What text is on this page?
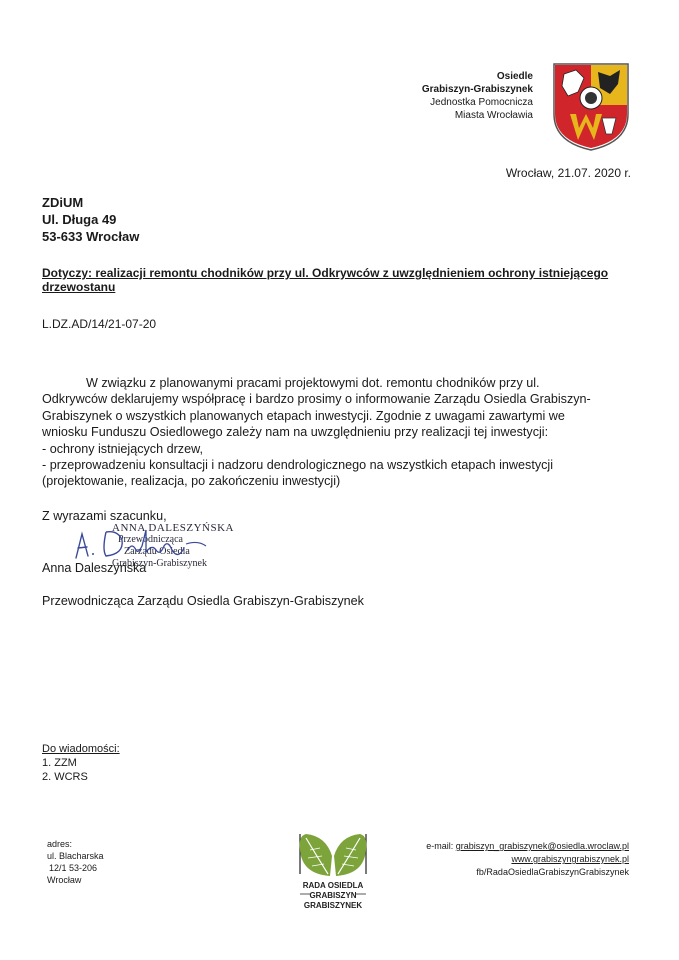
Osiedle
Grabiszyn-Grabiszynek
Jednostka Pomocnicza
Miasta Wrocławia
Wrocław, 21.07. 2020 r.
ZDiUM
Ul. Długa 49
53-633 Wrocław
Dotyczy: realizacji remontu chodników przy ul. Odkrywców z uwzględnieniem ochrony istniejącego drzewostanu
L.DZ.AD/14/21-07-20

W związku z planowanymi pracami projektowymi dot. remontu chodników przy ul.

Odkrywców deklarujemy współpracę i bardzo prosimy o informowanie Zarządu Osiedla Grabiszyn-

Grabiszynek o wszystkich planowanych etapach inwestycji. Zgodnie z uwagami zawartymi we

wniosku Funduszu Osiedlowego zależy nam na uwzględnieniu przy realizacji tej inwestycji:

- ochrony istniejących drzew,

- przeprowadzeniu konsultacji i nadzoru dendrologicznego na wszystkich etapach inwestycji

(projektowanie, realizacja, po zakończeniu inwestycji)

Z wyrazami szacunku,
ANNA DALESZYŃSKA
Przewodnicząca
Zarządu Osiedla
Grabiszyn-Grabiszynek
Anna Daleszyńska
Przewodnicząca Zarządu Osiedla Grabiszyn-Grabiszynek
Do wiadomości:
1. ZZM
2. WCRS
adres:
ul. Blacharska
12/1 53-206
Wrocław
RADA OSIEDLA
GRABISZYN
GRABISZYNEK
e-mail: grabiszyn_grabiszynek@osiedla.wroclaw.pl
www.grabiszyngrabiszynek.pl
fb/RadaOsiedlaGrabiszynGrabiszynek
